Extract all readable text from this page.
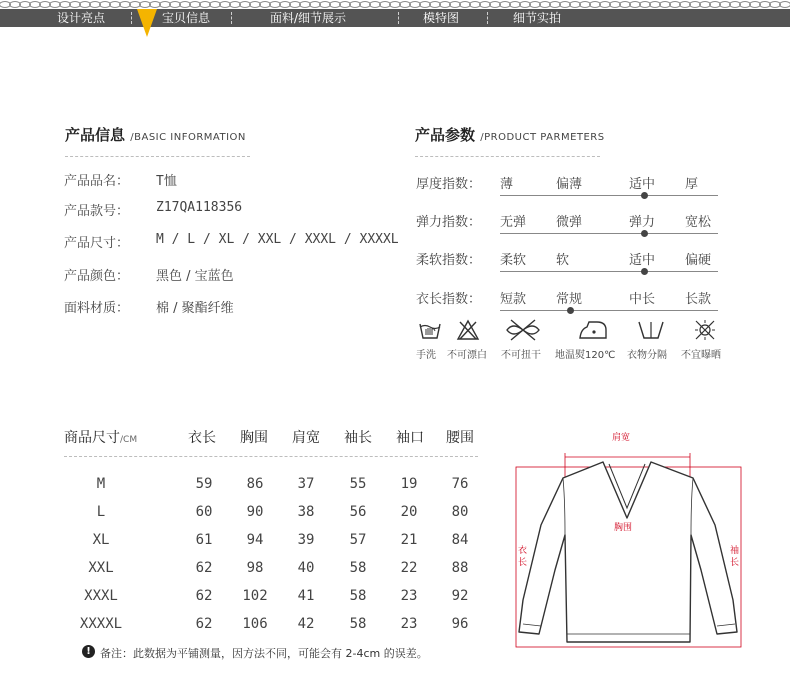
设计亮点	宝贝信息	面料/细节展示	模特图	细节实拍
产品信息 /BASIC INFORMATION
产品品名： T恤
产品款号： Z17QA118356
产品尺寸： M / L / XL / XXL / XXXL / XXXXL
产品颜色： 黑色 / 宝蓝色
面料材质： 棉 / 聚酯纤维
产品参数 /PRODUCT PARMETERS
厚度指数： 薄	偏薄	适中 厚
弹力指数： 无弹 微弹	弹力 宽松
柔软指数： 柔软 软	适中 偏硬
衣长指数： 短款 常规	中长 长款
手洗 不可漂白 不可扭干 地温熨120℃ 衣物分隔 不宜曝晒
商品尺寸/CM	衣长 胸围 肩宽 袖长 袖口 腰围
M	59	86	37	55	19	76
L	60	90	38	56	20	80
XL	61	94	39	57	21	84
XXL	62	98	40	58	22	88
XXXL	62	102	41	58	23	92
XXXXL	62	106	42	58	23	96
! 备注：此数据为平铺测量，因方法不同，可能会有 2-4cm 的误差。
肩宽
胸围
衣长
袖长
